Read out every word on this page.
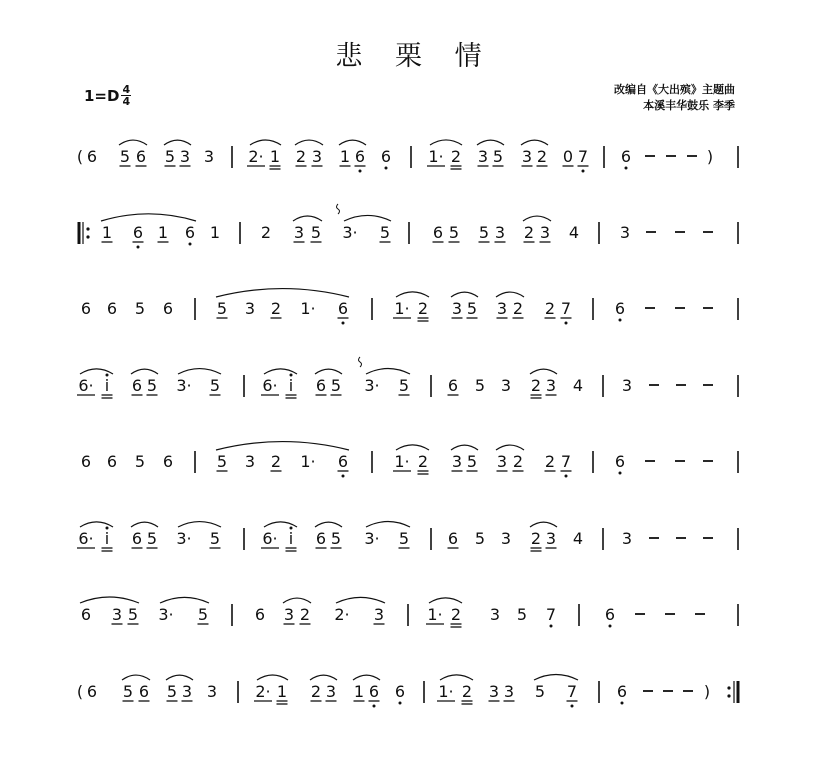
悲 栗 情
1=D 4
4
改编自《大出殡》主题曲
本溪丰华鼓乐 李季
( 6 5 6 5 3 3 2· 1 2 3 1 6 6 1· 2 3 5 3 2 0 7 6	)
𝄆 1 6 1 6 1	2 3 5 3· 5	6 5 5 3 2 3 4	3
6 6 5 6	5 3 2 1· 6	1· 2 3 5 3 2 2 7	6
6· i 6 5 3· 5	6· i 6 5 3· 5 6 5 3 2 3 4 3
6 6 5 6	5 3 2 1· 6	1· 2 3 5 3 2 2 7	6
6· i 6 5 3· 5	6· i 6 5 3· 5 6 5 3 2 3 4 3
6 3 5 3· 5	6 3 2 2· 3	1· 2 3 5 7	6
( 6 5 6 5 3 3 2· 1 2 3 1 6 6 1· 2 3 3 5 7 6	)	𝄇
